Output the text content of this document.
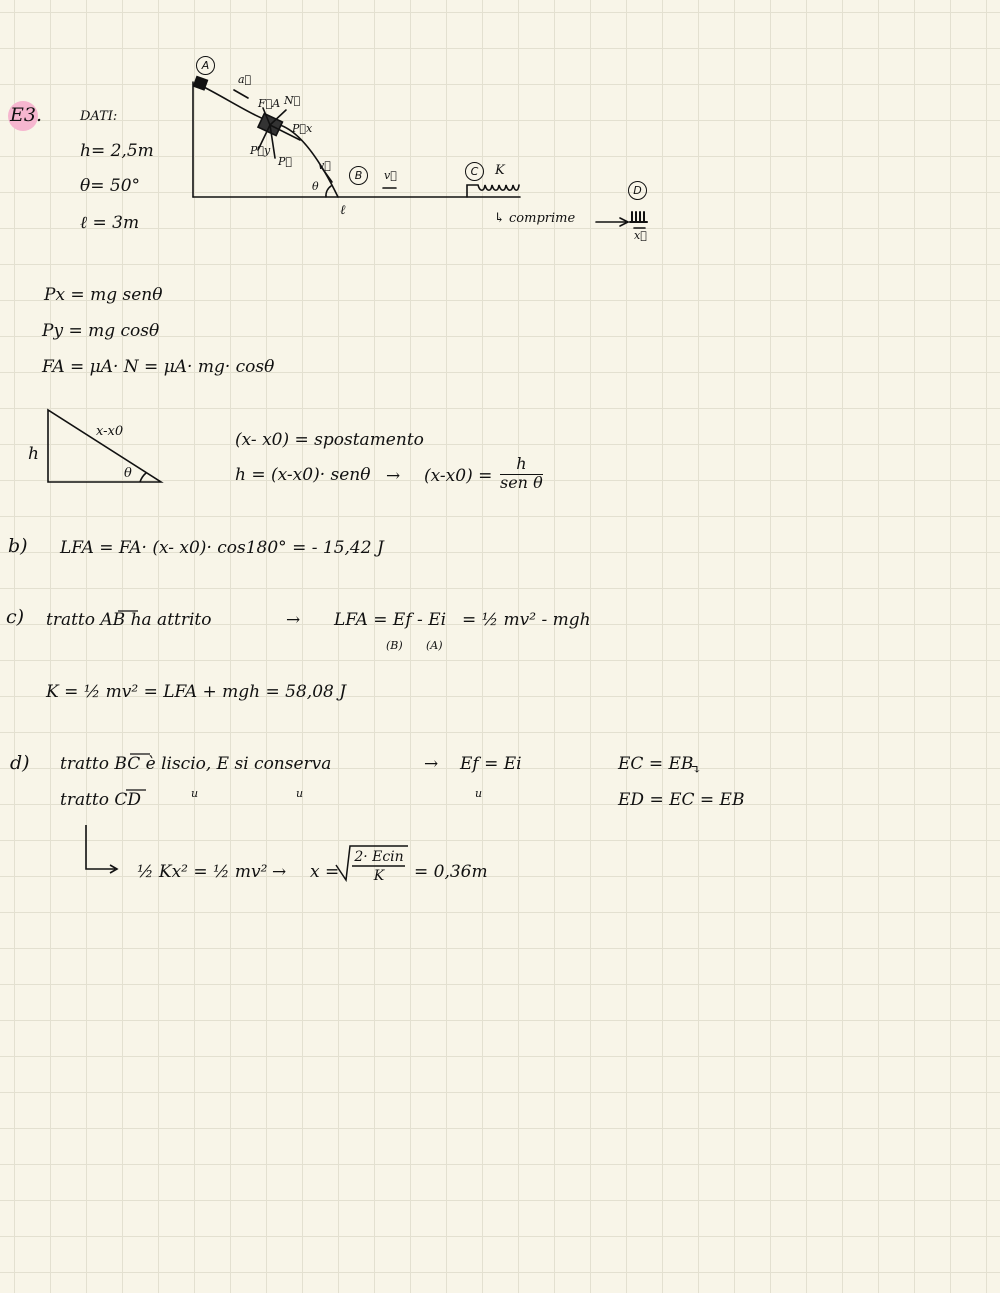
E3.	DATI:
h= 2,5m
θ= 50°
ℓ = 3m
A
B	C
D
a⃗
F⃗A N⃗
P⃗x
P⃗y
P⃗ v⃗
v⃗
θ
ℓ
K
↳ comprime
x⃗
Px = mg senθ
Py = mg cosθ
FA = μA· N = μA· mg· cosθ
x-x0
h
θ
(x- x0) = spostamento
h = (x-x0)· senθ → (x-x0) =
h
sen θ
b) LFA = FA· (x- x0)· cos180° = - 15,42 J
c) tratto AB ha attrito	→ LFA = Ef - Ei
(B) (A)
= ½ mv² - mgh
K = ½ mv² = LFA + mgh = 58,08 J
d) tratto BC è liscio, E si conserva	→ Ef = Ei
tratto CD	u	u	u
EC = EB
↴
ED = EC = EB
½ Kx² = ½ mv² → x =
2· Ecin
K	= 0,36m
